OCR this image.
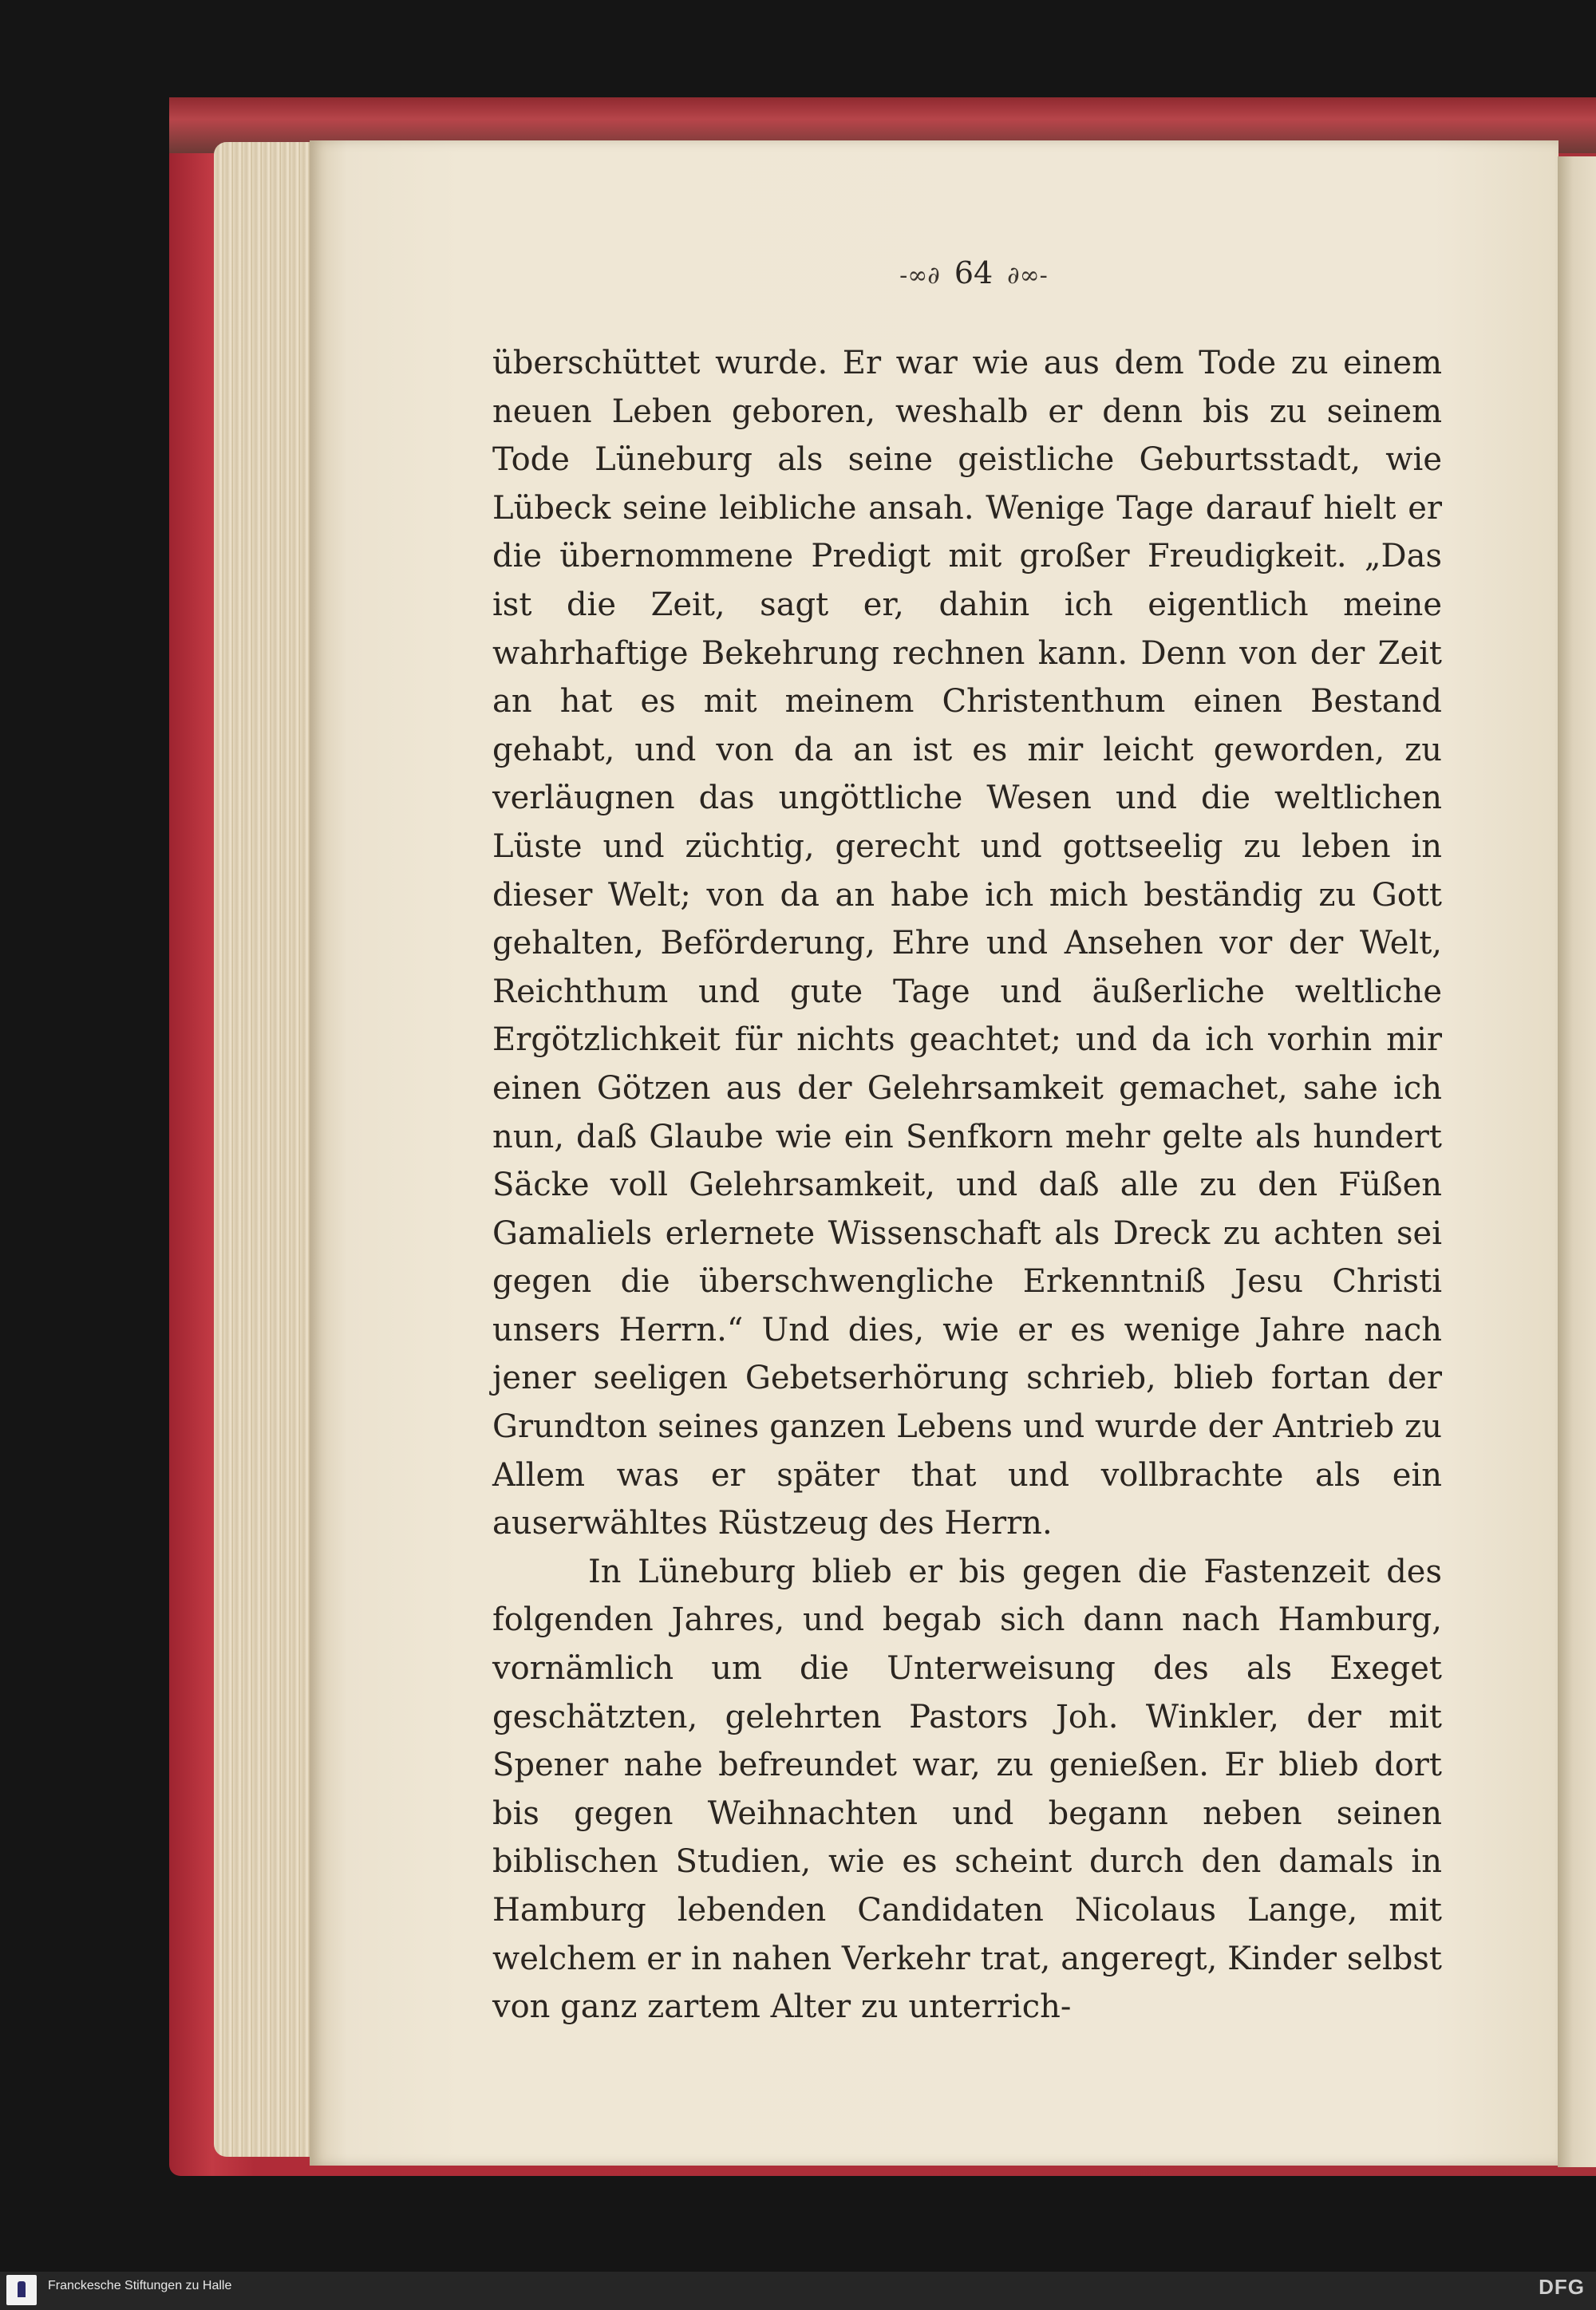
-∞∂ 64 ∂∞-

überschüttet wurde. Er war wie aus dem Tode zu einem neuen Leben geboren, weshalb er denn bis zu seinem Tode Lüneburg als seine geistliche Geburtsstadt, wie Lübeck seine leibliche ansah. Wenige Tage darauf hielt er die übernommene Predigt mit großer Freudigkeit. „Das ist die Zeit, sagt er, dahin ich eigentlich meine wahrhaftige Bekehrung rechnen kann. Denn von der Zeit an hat es mit meinem Christenthum einen Bestand gehabt, und von da an ist es mir leicht geworden, zu verläugnen das ungöttliche Wesen und die weltlichen Lüste und züchtig, gerecht und gottseelig zu leben in dieser Welt; von da an habe ich mich beständig zu Gott gehalten, Beförderung, Ehre und Ansehen vor der Welt, Reichthum und gute Tage und äußerliche weltliche Ergötzlichkeit für nichts geachtet; und da ich vorhin mir einen Götzen aus der Gelehrsamkeit gemachet, sahe ich nun, daß Glaube wie ein Senfkorn mehr gelte als hundert Säcke voll Gelehrsamkeit, und daß alle zu den Füßen Gamaliels erlernete Wissenschaft als Dreck zu achten sei gegen die überschwengliche Erkenntniß Jesu Christi unsers Herrn.“ Und dies, wie er es wenige Jahre nach jener seeligen Gebetserhörung schrieb, blieb fortan der Grundton seines ganzen Lebens und wurde der Antrieb zu Allem was er später that und vollbrachte als ein auserwähltes Rüstzeug des Herrn.

In Lüneburg blieb er bis gegen die Fastenzeit des folgenden Jahres, und begab sich dann nach Hamburg, vornämlich um die Unterweisung des als Exeget geschätzten, gelehrten Pastors Joh. Winkler, der mit Spener nahe befreundet war, zu genießen. Er blieb dort bis gegen Weihnachten und begann neben seinen biblischen Studien, wie es scheint durch den damals in Hamburg lebenden Candidaten Nicolaus Lange, mit welchem er in nahen Verkehr trat, angeregt, Kinder selbst von ganz zartem Alter zu unterrich-

Franckesche Stiftungen zu Halle	DFG
